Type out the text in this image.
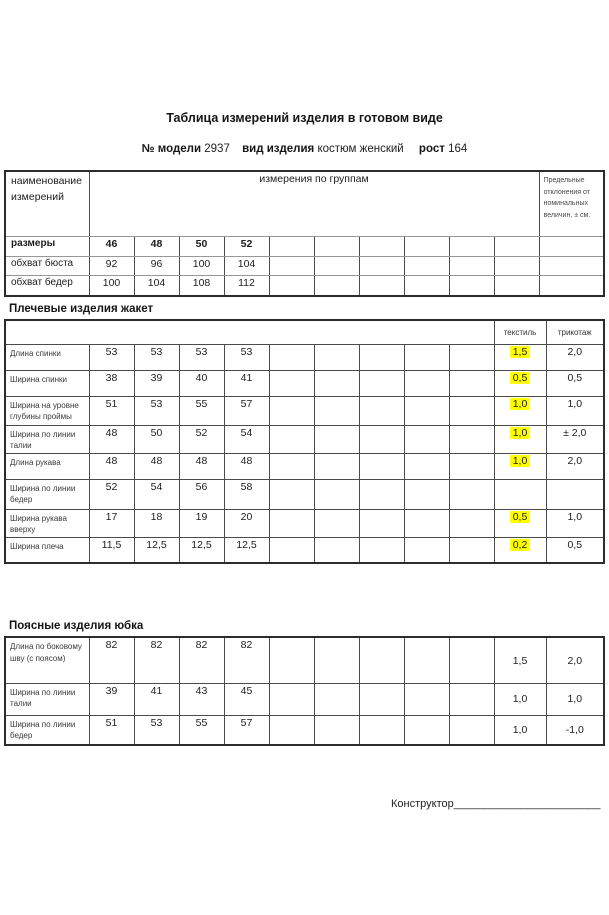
Таблица измерений изделия в готовом виде
№ модели 2937 вид изделия костюм женский рост 164
наименование измерений	измерения по группам										Предельные отклонения от номинальных величин, ± см.
размеры	46	48	50	52							
обхват бюста	92	96	100	104							
обхват бедер	100	104	108	112							
Плечевые изделия жакет
										текстиль	трикотаж
Длина спинки	53	53	53	53						1,5	2,0
Ширина спинки	38	39	40	41						0,5	0,5
Ширина на уровне глубины проймы	51	53	55	57						1,0	1,0
Ширина по линии талии	48	50	52	54						1,0	± 2,0
Длина рукава	48	48	48	48						1,0	2,0
Ширина по линии бедер	52	54	56	58							
Ширина рукава вверху	17	18	19	20						0,5	1,0
Ширина плеча	11,5	12,5	12,5	12,5						0,2	0,5
Поясные изделия юбка
Длина по боковому шву (с поясом)	82	82	82	82						1,5	2,0
Ширина по линии талии	39	41	43	45						1,0	1,0
Ширина по линии бедер	51	53	55	57						1,0	-1,0
Конструктор________________________
